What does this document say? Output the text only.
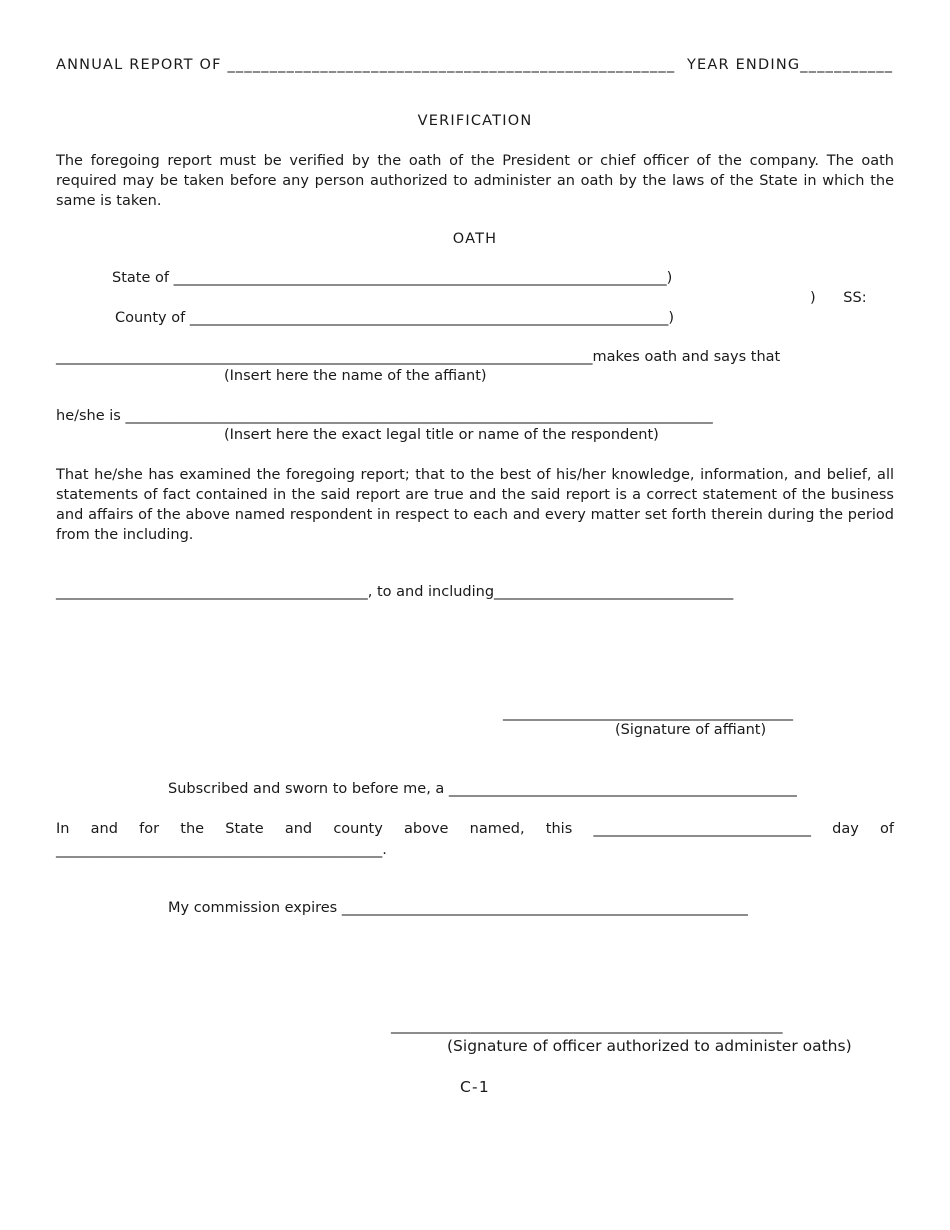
ANNUAL REPORT OF _____________________________________________________  YEAR ENDING___________
VERIFICATION
The foregoing report must be verified by the oath of the President or chief officer of the company. The oath required may be taken before any person authorized to administer an oath by the laws of the State in which the same is taken.
OATH
State of ____________________________________________________________________)
)      SS:
County of __________________________________________________________________)
__________________________________________________________________________makes oath and says that
(Insert here the name of the affiant)
he/she is _________________________________________________________________________________
(Insert here the exact legal title or name of the respondent)
That he/she has examined the foregoing report; that to the best of his/her knowledge, information, and belief, all statements of fact contained in the said report are true and the said report is a correct statement of the business and affairs of the above named respondent in respect to each and every matter set forth therein during the period from the including.
___________________________________________, to and including_________________________________
________________________________________
(Signature of affiant)
Subscribed and sworn to before me, a ________________________________________________
In and for the State and county above named, this ______________________________ day of
_____________________________________________.
My commission expires ________________________________________________________
______________________________________________________
(Signature of officer authorized to administer oaths)
C-1
